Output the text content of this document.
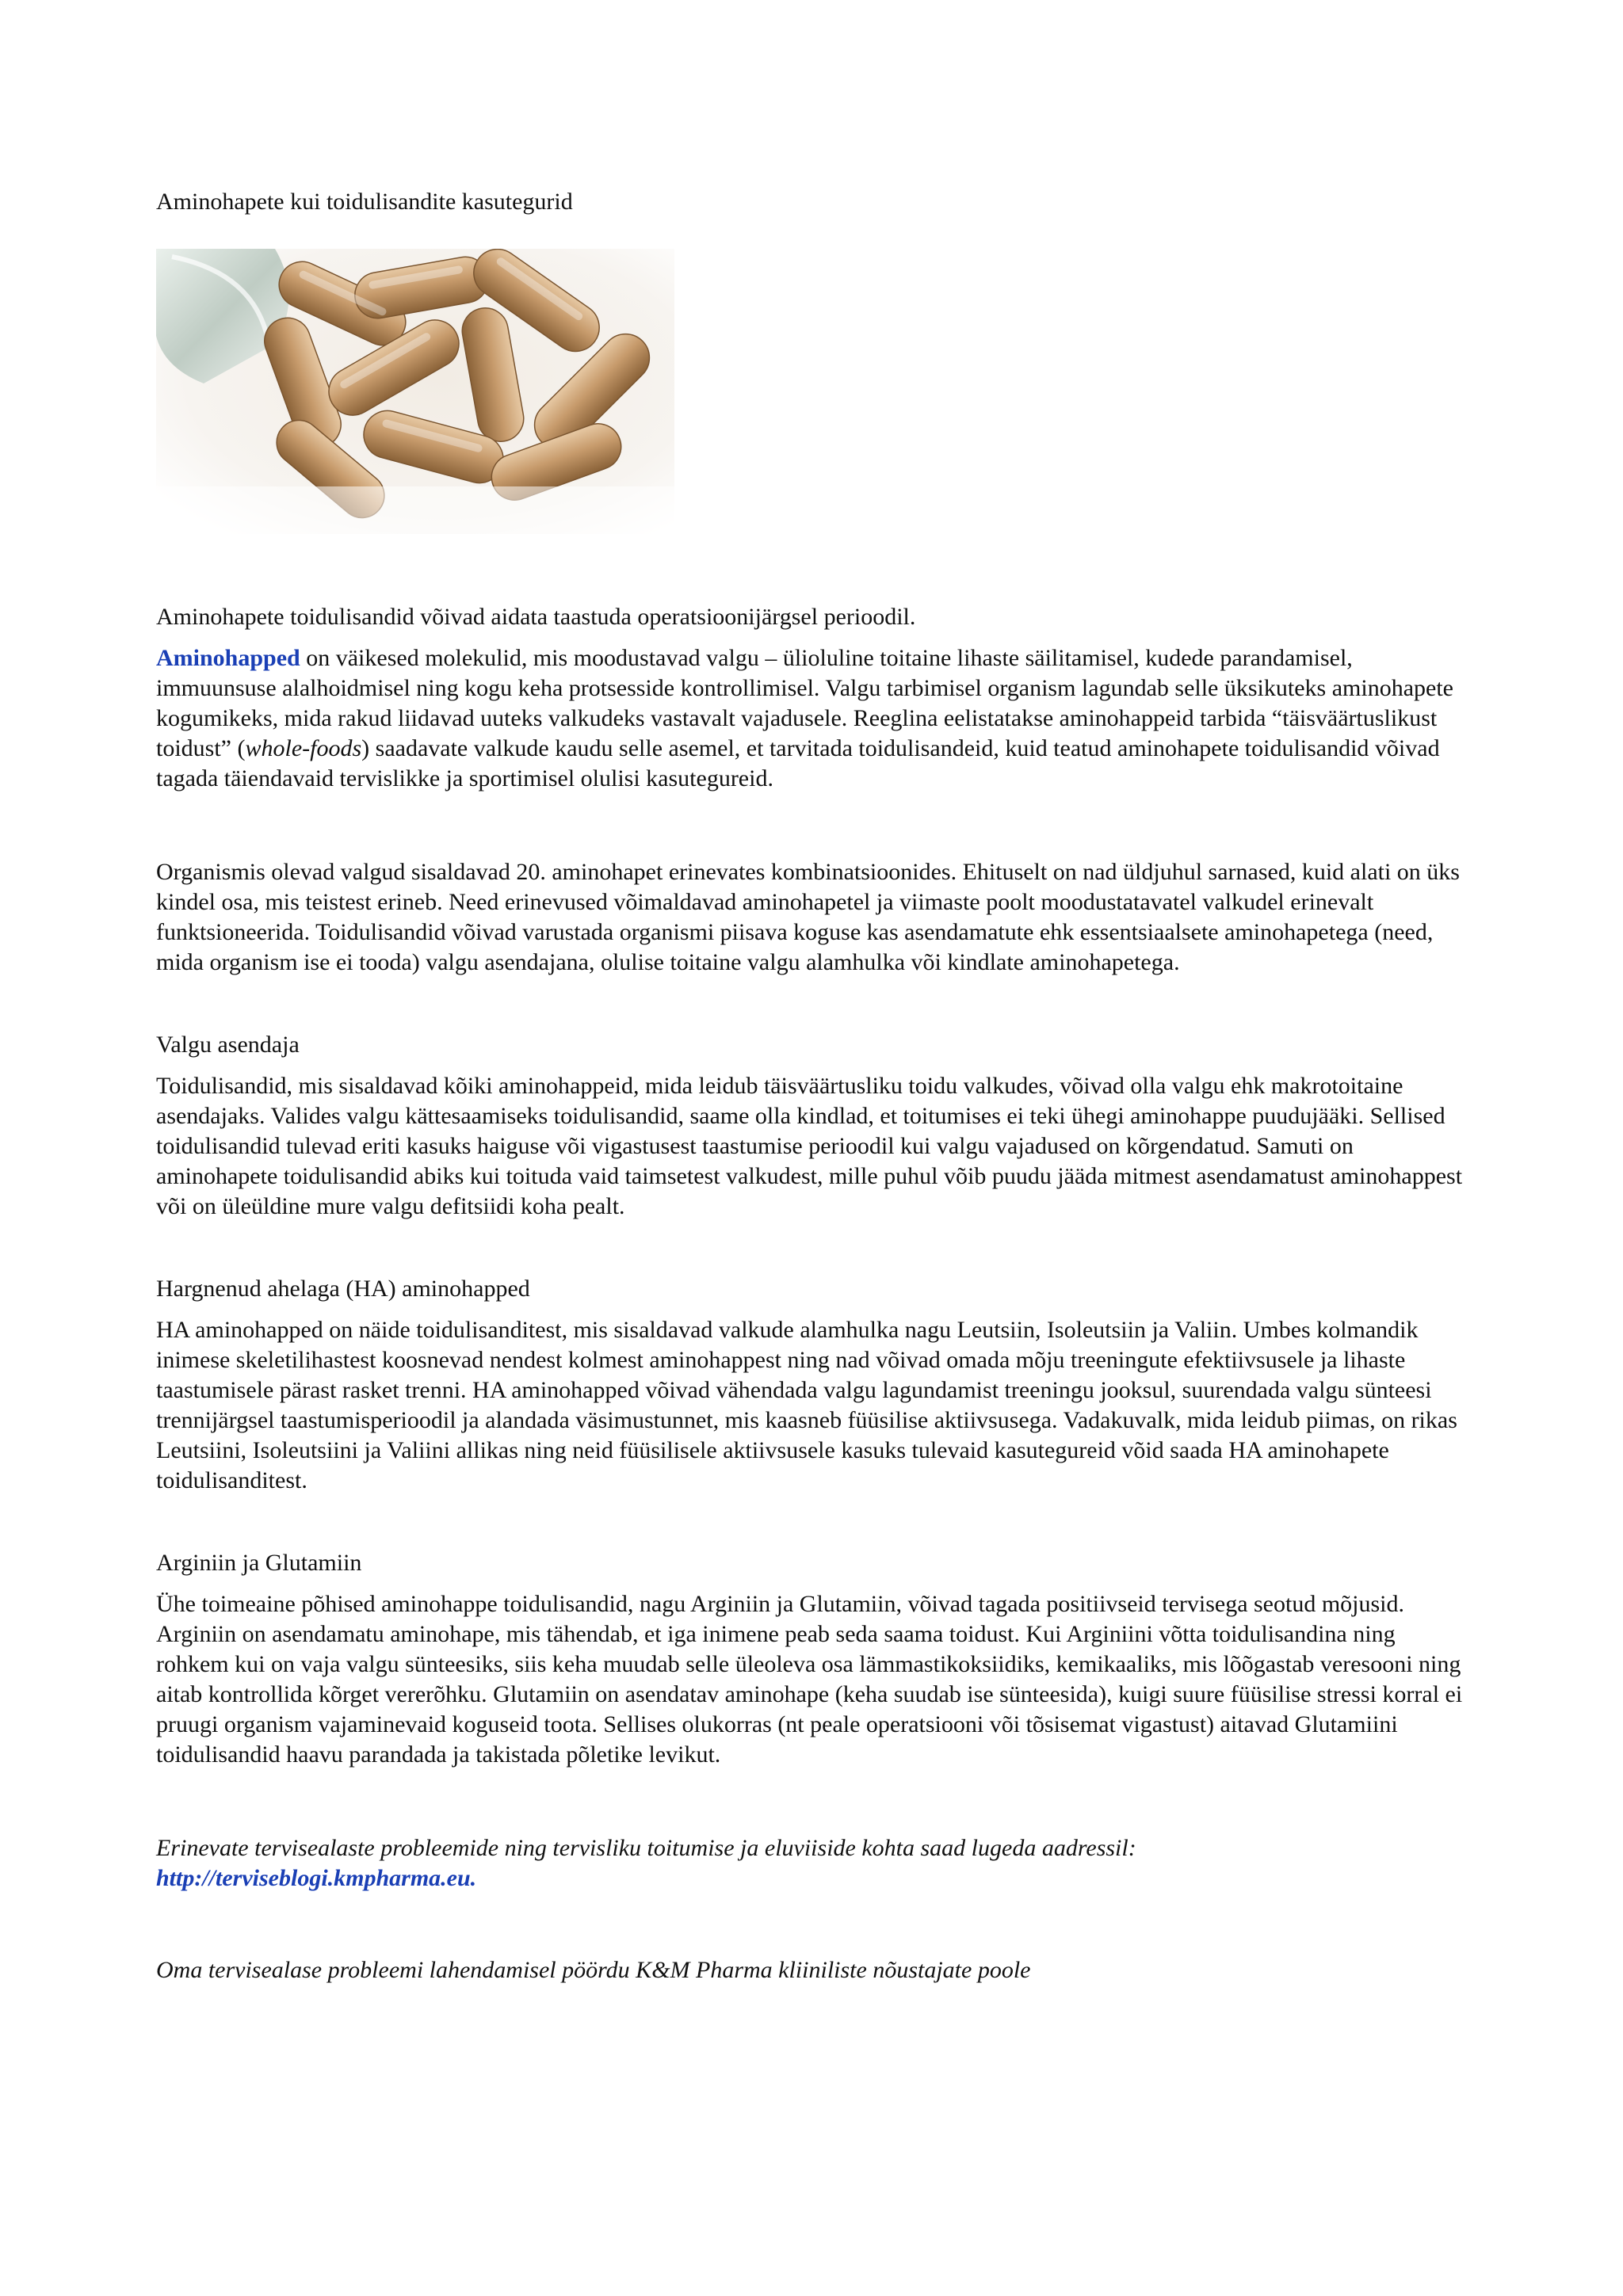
Aminohapete kui toidulisandite kasutegurid

Aminohapete toidulisandid võivad aidata taastuda operatsioonijärgsel perioodil.

Aminohapped on väikesed molekulid, mis moodustavad valgu – ülioluline toitaine lihaste säilitamisel, kudede parandamisel, immuunsuse alalhoidmisel ning kogu keha protsesside kontrollimisel. Valgu tarbimisel organism lagundab selle üksikuteks aminohapete kogumikeks, mida rakud liidavad uuteks valkudeks vastavalt vajadusele. Reeglina eelistatakse aminohappeid tarbida “täisväärtuslikust toidust” (whole-foods) saadavate valkude kaudu selle asemel, et tarvitada toidulisandeid, kuid teatud aminohapete toidulisandid võivad tagada täiendavaid tervislikke ja sportimisel olulisi kasutegureid.

Organismis olevad valgud sisaldavad 20. aminohapet erinevates kombinatsioonides. Ehituselt on nad üldjuhul sarnased, kuid alati on üks kindel osa, mis teistest erineb. Need erinevused võimaldavad aminohapetel ja viimaste poolt moodustatavatel valkudel erinevalt funktsioneerida. Toidulisandid võivad varustada organismi piisava koguse kas asendamatute ehk essentsiaalsete aminohapetega (need, mida organism ise ei tooda) valgu asendajana, olulise toitaine valgu alamhulka või kindlate aminohapetega.

Valgu asendaja

Toidulisandid, mis sisaldavad kõiki aminohappeid, mida leidub täisväärtusliku toidu valkudes, võivad olla valgu ehk makrotoitaine asendajaks. Valides valgu kättesaamiseks toidulisandid, saame olla kindlad, et toitumises ei teki ühegi aminohappe puudujääki. Sellised toidulisandid tulevad eriti kasuks haiguse või vigastusest taastumise perioodil kui valgu vajadused on kõrgendatud. Samuti on aminohapete toidulisandid abiks kui toituda vaid taimsetest valkudest, mille puhul võib puudu jääda mitmest asendamatust aminohappest või on üleüldine mure valgu defitsiidi koha pealt.

Hargnenud ahelaga (HA) aminohapped

HA aminohapped on näide toidulisanditest, mis sisaldavad valkude alamhulka nagu Leutsiin, Isoleutsiin ja Valiin. Umbes kolmandik inimese skeletilihastest koosnevad nendest kolmest aminohappest ning nad võivad omada mõju treeningute efektiivsusele ja lihaste taastumisele pärast rasket trenni. HA aminohapped võivad vähendada valgu lagundamist treeningu jooksul, suurendada valgu sünteesi trennijärgsel taastumisperioodil ja alandada väsimustunnet, mis kaasneb füüsilise aktiivsusega. Vadakuvalk, mida leidub piimas, on rikas Leutsiini, Isoleutsiini ja Valiini allikas ning neid füüsilisele aktiivsusele kasuks tulevaid kasutegureid võid saada HA aminohapete toidulisanditest.

Arginiin ja Glutamiin

Ühe toimeaine põhised aminohappe toidulisandid, nagu Arginiin ja Glutamiin, võivad tagada positiivseid tervisega seotud mõjusid. Arginiin on asendamatu aminohape, mis tähendab, et iga inimene peab seda saama toidust. Kui Arginiini võtta toidulisandina ning rohkem kui on vaja valgu sünteesiks, siis keha muudab selle üleoleva osa lämmastikoksiidiks, kemikaaliks, mis lõõgastab veresooni ning aitab kontrollida kõrget vererõhku. Glutamiin on asendatav aminohape (keha suudab ise sünteesida), kuigi suure füüsilise stressi korral ei pruugi organism vajaminevaid koguseid toota. Sellises olukorras (nt peale operatsiooni või tõsisemat vigastust) aitavad Glutamiini toidulisandid haavu parandada ja takistada põletike levikut.

Erinevate tervisealaste probleemide ning tervisliku toitumise ja eluviiside kohta saad lugeda aadressil:
http://terviseblogi.kmpharma.eu.

Oma tervisealase probleemi lahendamisel pöördu K&M Pharma kliiniliste nõustajate poole
